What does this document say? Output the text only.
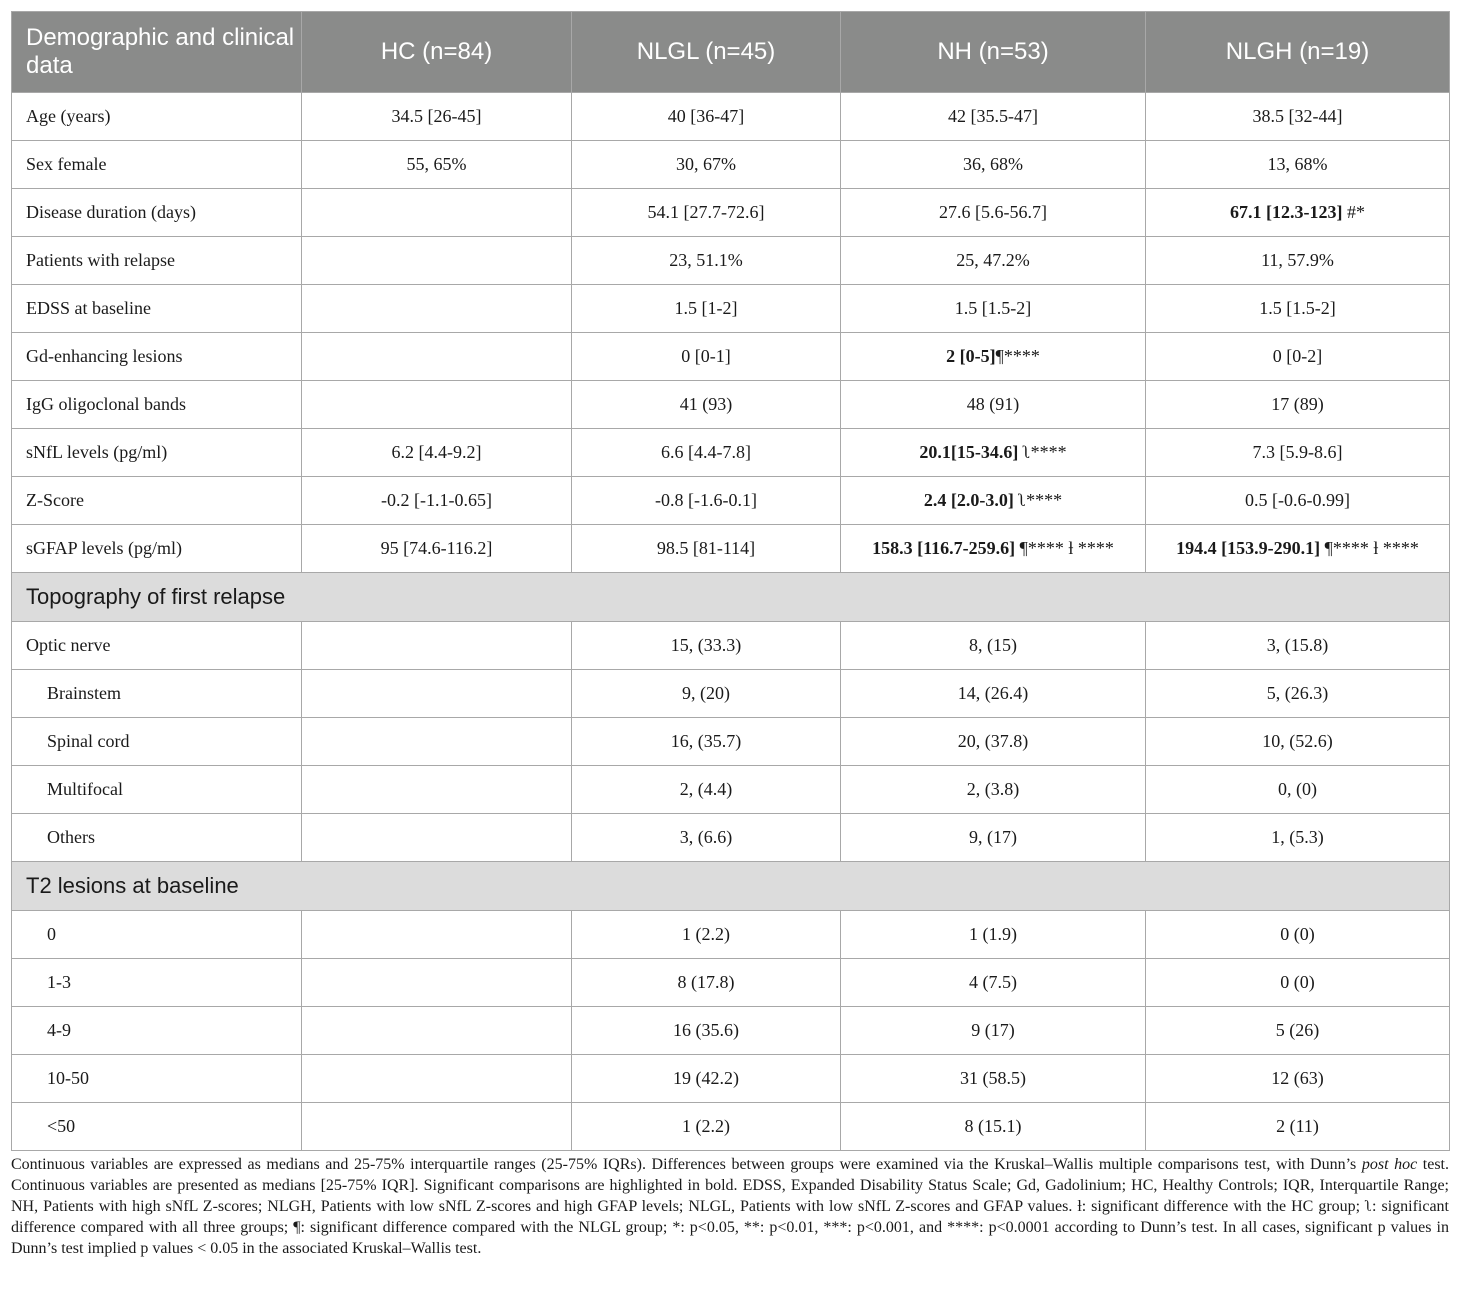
Demographic and clinical data	HC (n=84)	NLGL (n=45)	NH (n=53)	NLGH (n=19)
Age (years)	34.5 [26-45]	40 [36-47]	42 [35.5-47]	38.5 [32-44]
Sex female	55, 65%	30, 67%	36, 68%	13, 68%
Disease duration (days)		54.1 [27.7-72.6]	27.6 [5.6-56.7]	67.1 [12.3-123] #*
Patients with relapse		23, 51.1%	25, 47.2%	11, 57.9%
EDSS at baseline		1.5 [1-2]	1.5 [1.5-2]	1.5 [1.5-2]
Gd-enhancing lesions		0 [0-1]	2 [0-5]¶****	0 [0-2]
IgG oligoclonal bands		41 (93)	48 (91)	17 (89)
sNfL levels (pg/ml)	6.2 [4.4-9.2]	6.6 [4.4-7.8]	20.1[15-34.6] ʅ****	7.3 [5.9-8.6]
Z-Score	-0.2 [-1.1-0.65]	-0.8 [-1.6-0.1]	2.4 [2.0-3.0] ʅ****	0.5 [-0.6-0.99]
sGFAP levels (pg/ml)	95 [74.6-116.2]	98.5 [81-114]	158.3 [116.7-259.6] ¶**** ƚ ****	194.4 [153.9-290.1] ¶**** ƚ ****
Topography of first relapse				
Optic nerve		15, (33.3)	8, (15)	3, (15.8)
Brainstem		9, (20)	14, (26.4)	5, (26.3)
Spinal cord		16, (35.7)	20, (37.8)	10, (52.6)
Multifocal		2, (4.4)	2, (3.8)	0, (0)
Others		3, (6.6)	9, (17)	1, (5.3)
T2 lesions at baseline				
0		1 (2.2)	1 (1.9)	0 (0)
1-3		8 (17.8)	4 (7.5)	0 (0)
4-9		16 (35.6)	9 (17)	5 (26)
10-50		19 (42.2)	31 (58.5)	12 (63)
<50		1 (2.2)	8 (15.1)	2 (11)
Continuous variables are expressed as medians and 25-75% interquartile ranges (25-75% IQRs). Differences between groups were examined via the Kruskal–Wallis multiple comparisons test, with Dunn’s post hoc test. Continuous variables are presented as medians [25-75% IQR]. Significant comparisons are highlighted in bold. EDSS, Expanded Disability Status Scale; Gd, Gadolinium; HC, Healthy Controls; IQR, Interquartile Range; NH, Patients with high sNfL Z-scores; NLGH, Patients with low sNfL Z-scores and high GFAP levels; NLGL, Patients with low sNfL Z-scores and GFAP values. ƚ: significant difference with the HC group; ʅ: significant difference compared with all three groups; ¶: significant difference compared with the NLGL group; *: p<0.05, **: p<0.01, ***: p<0.001, and ****: p<0.0001 according to Dunn’s test. In all cases, significant p values in Dunn’s test implied p values < 0.05 in the associated Kruskal–Wallis test.
